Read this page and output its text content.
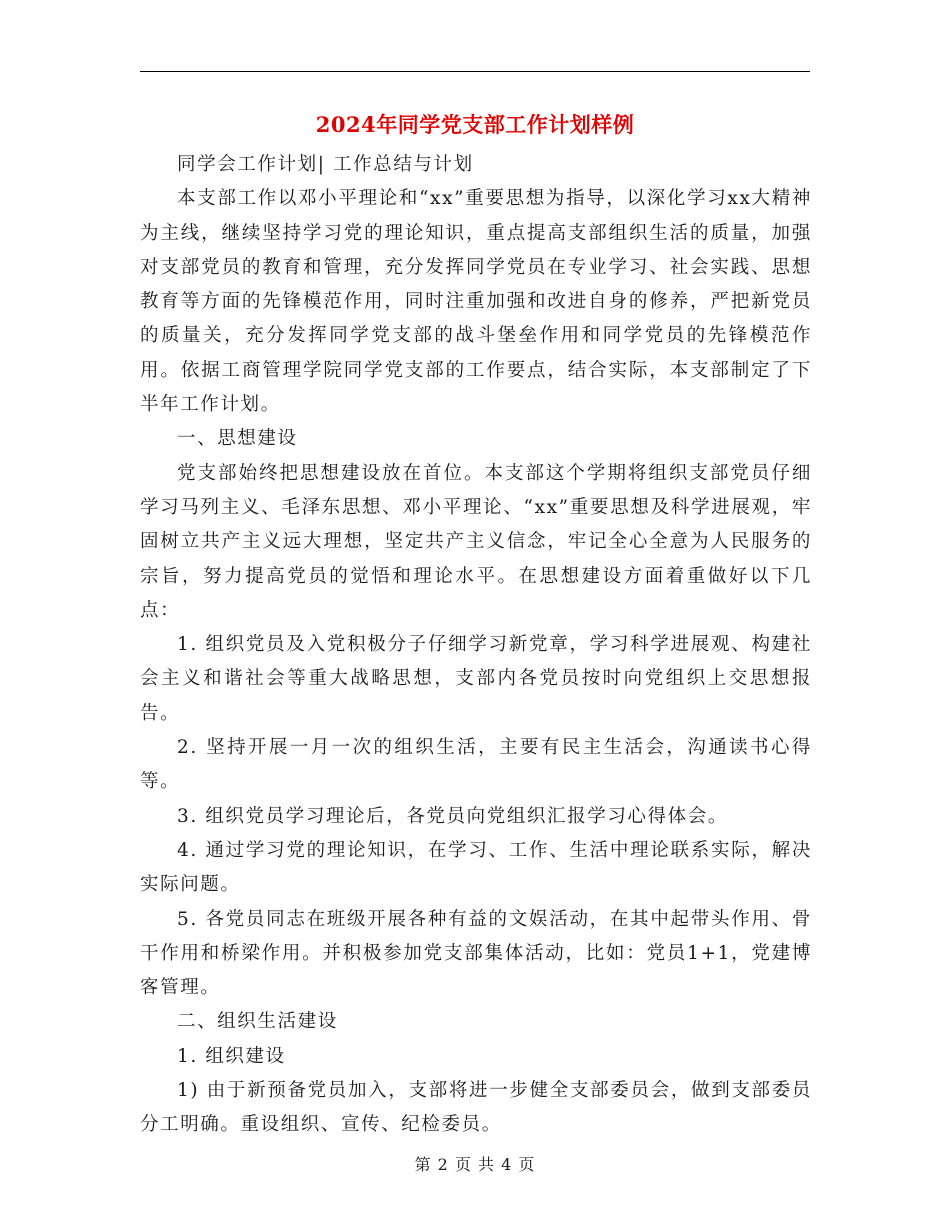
2024年同学党支部工作计划样例

同学会工作计划| 工作总结与计划

本支部工作以邓小平理论和“xx”重要思想为指导，以深化学习xx大精神为主线，继续坚持学习党的理论知识，重点提高支部组织生活的质量，加强对支部党员的教育和管理，充分发挥同学党员在专业学习、社会实践、思想教育等方面的先锋模范作用，同时注重加强和改进自身的修养，严把新党员的质量关，充分发挥同学党支部的战斗堡垒作用和同学党员的先锋模范作用。依据工商管理学院同学党支部的工作要点，结合实际，本支部制定了下半年工作计划。

一、思想建设

党支部始终把思想建设放在首位。本支部这个学期将组织支部党员仔细学习马列主义、毛泽东思想、邓小平理论、“xx”重要思想及科学进展观，牢固树立共产主义远大理想，坚定共产主义信念，牢记全心全意为人民服务的宗旨，努力提高党员的觉悟和理论水平。在思想建设方面着重做好以下几点：

1. 组织党员及入党积极分子仔细学习新党章，学习科学进展观、构建社会主义和谐社会等重大战略思想，支部内各党员按时向党组织上交思想报告。

2. 坚持开展一月一次的组织生活，主要有民主生活会，沟通读书心得等。

3. 组织党员学习理论后，各党员向党组织汇报学习心得体会。

4. 通过学习党的理论知识，在学习、工作、生活中理论联系实际，解决实际问题。

5. 各党员同志在班级开展各种有益的文娱活动，在其中起带头作用、骨干作用和桥梁作用。并积极参加党支部集体活动，比如：党员1+1，党建博客管理。

二、组织生活建设

1. 组织建设

1) 由于新预备党员加入，支部将进一步健全支部委员会，做到支部委员分工明确。重设组织、宣传、纪检委员。

第 2 页 共 4 页
